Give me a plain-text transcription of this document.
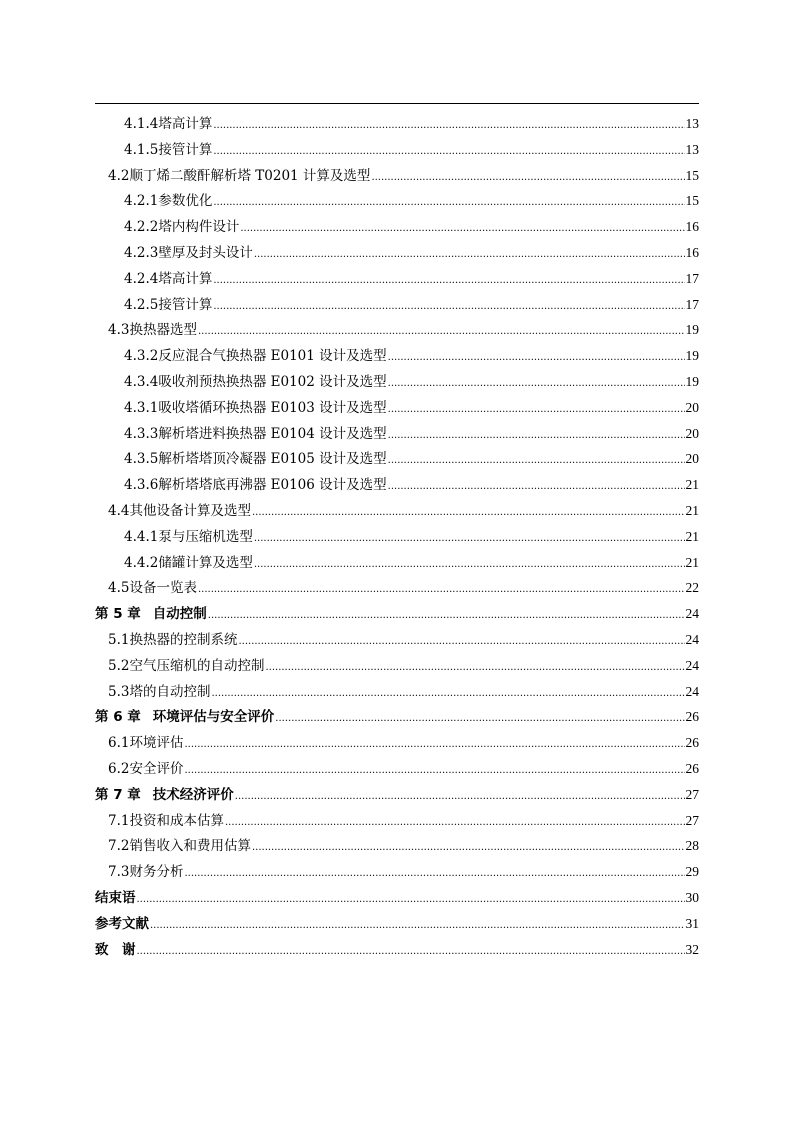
4.1.4 塔高计算 .....	13
4.1.5 接管计算 .....	13
4.2 顺丁烯二酸酐解析塔 T0201 计算及选型 .....	15
4.2.1 参数优化 .....	15
4.2.2 塔内构件设计 .....	16
4.2.3 壁厚及封头设计 .....	16
4.2.4 塔高计算 .....	17
4.2.5 接管计算 .....	17
4.3 换热器选型 .....	19
4.3.2 反应混合气换热器 E0101 设计及选型 .....	19
4.3.4 吸收剂预热换热器 E0102 设计及选型 .....	19
4.3.1 吸收塔循环换热器 E0103 设计及选型 .....	20
4.3.3 解析塔进料换热器 E0104 设计及选型 .....	20
4.3.5 解析塔塔顶冷凝器 E0105 设计及选型 .....	20
4.3.6 解析塔塔底再沸器 E0106 设计及选型 .....	21
4.4 其他设备计算及选型 .....	21
4.4.1 泵与压缩机选型 .....	21
4.4.2 储罐计算及选型 .....	21
4.5 设备一览表 .....	22
第 5 章 自动控制 .....	24
5.1 换热器的控制系统 .....	24
5.2 空气压缩机的自动控制 .....	24
5.3 塔的自动控制 .....	24
第 6 章 环境评估与安全评价 .....	26
6.1 环境评估 .....	26
6.2 安全评价 .....	26
第 7 章 技术经济评价 .....	27
7.1 投资和成本估算 .....	27
7.2 销售收入和费用估算 .....	28
7.3 财务分析 .....	29
结束语 .....	30
参考文献 .....	31
致　谢 .....	32
